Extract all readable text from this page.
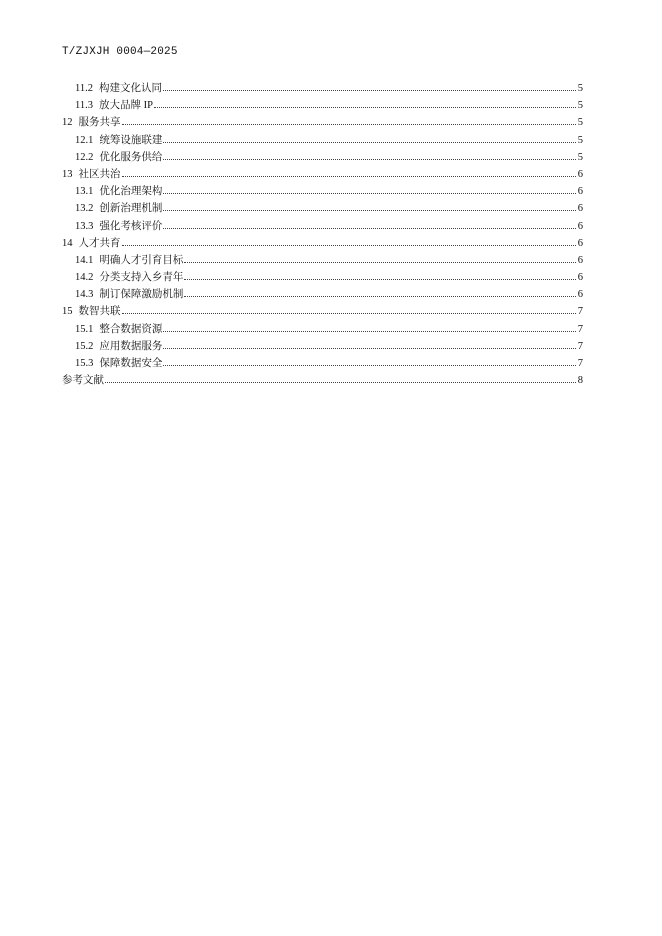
T/ZJXJH 0004—2025
11.2 构建文化认同	5
11.3 放大品牌 IP	5
12 服务共享	5
12.1 统筹设施联建	5
12.2 优化服务供给	5
13 社区共治	6
13.1 优化治理架构	6
13.2 创新治理机制	6
13.3 强化考核评价	6
14 人才共育	6
14.1 明确人才引育目标	6
14.2 分类支持入乡青年	6
14.3 制订保障激励机制	6
15 数智共联	7
15.1 整合数据资源	7
15.2 应用数据服务	7
15.3 保障数据安全	7
参考文献	8
